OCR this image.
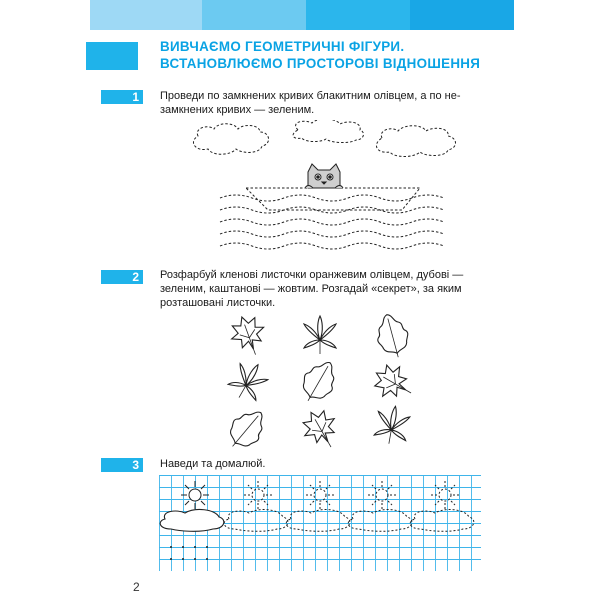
ВИВЧАЄМО ГЕОМЕТРИЧНІ ФІГУРИ.
ВСТАНОВЛЮЄМО ПРОСТОРОВІ ВІДНОШЕННЯ
1	Проведи по замкнених кривих блакитним олівцем, а по не-
замкнених кривих — зеленим.
2	Розфарбуй кленові листочки оранжевим олівцем, дубові —
зеленим, каштанові — жовтим. Розгадай «секрет», за яким
розташовані листочки.
3	Наведи та домалюй.
2
